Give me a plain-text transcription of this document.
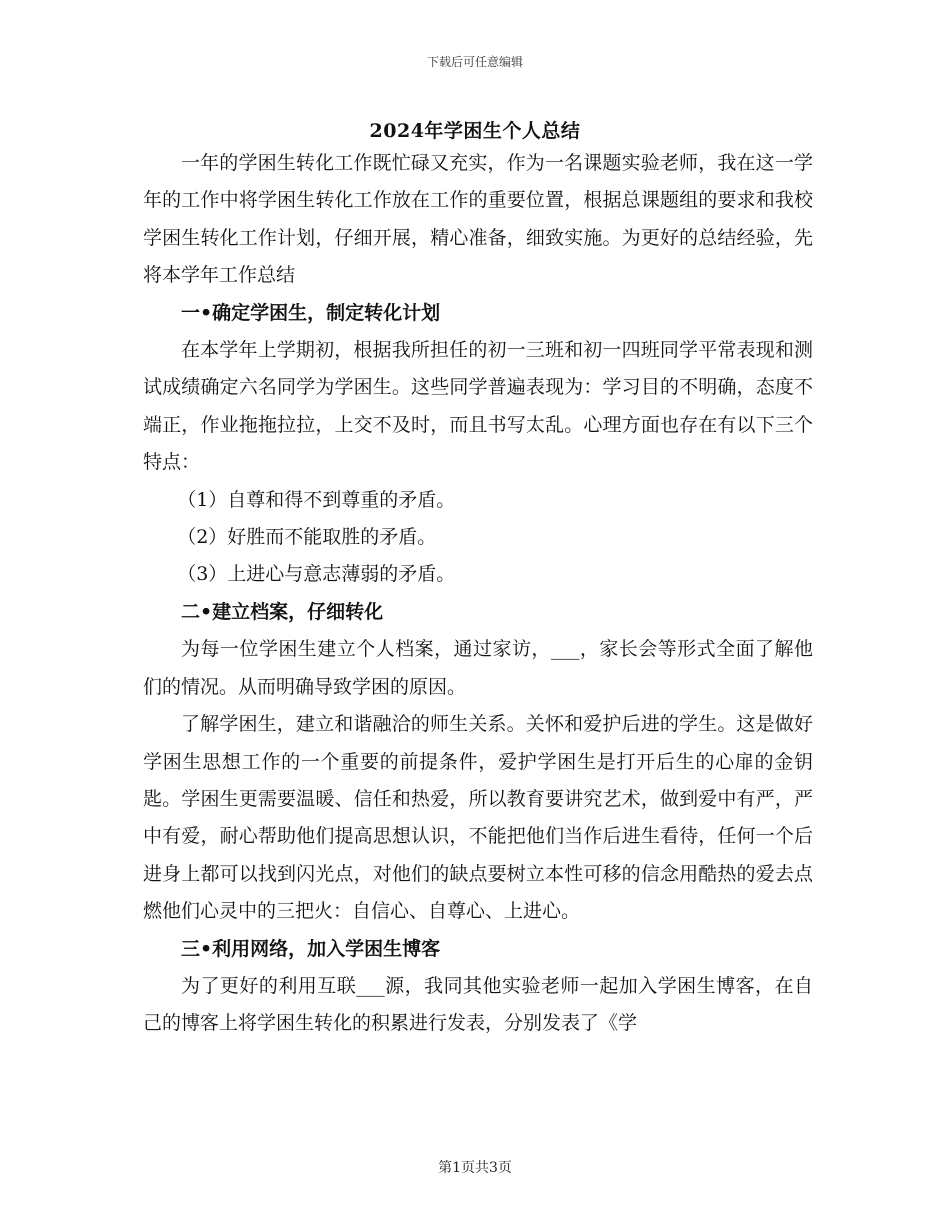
下载后可任意编辑
2024年学困生个人总结

一年的学困生转化工作既忙碌又充实，作为一名课题实验老师，我在这一学年的工作中将学困生转化工作放在工作的重要位置，根据总课题组的要求和我校学困生转化工作计划，仔细开展，精心准备，细致实施。为更好的总结经验，先将本学年工作总结

一•确定学困生，制定转化计划

在本学年上学期初，根据我所担任的初一三班和初一四班同学平常表现和测试成绩确定六名同学为学困生。这些同学普遍表现为：学习目的不明确，态度不端正，作业拖拖拉拉，上交不及时，而且书写太乱。心理方面也存在有以下三个特点：

（1）自尊和得不到尊重的矛盾。

（2）好胜而不能取胜的矛盾。

（3）上进心与意志薄弱的矛盾。

二•建立档案，仔细转化

为每一位学困生建立个人档案，通过家访，___，家长会等形式全面了解他们的情况。从而明确导致学困的原因。

了解学困生，建立和谐融洽的师生关系。关怀和爱护后进的学生。这是做好学困生思想工作的一个重要的前提条件，爱护学困生是打开后生的心扉的金钥匙。学困生更需要温暖、信任和热爱，所以教育要讲究艺术，做到爱中有严，严中有爱，耐心帮助他们提高思想认识，不能把他们当作后进生看待，任何一个后进身上都可以找到闪光点，对他们的缺点要树立本性可移的信念用酷热的爱去点燃他们心灵中的三把火：自信心、自尊心、上进心。

三•利用网络，加入学困生博客

为了更好的利用互联___源，我同其他实验老师一起加入学困生博客，在自己的博客上将学困生转化的积累进行发表，分别发表了《学

第1页共3页
